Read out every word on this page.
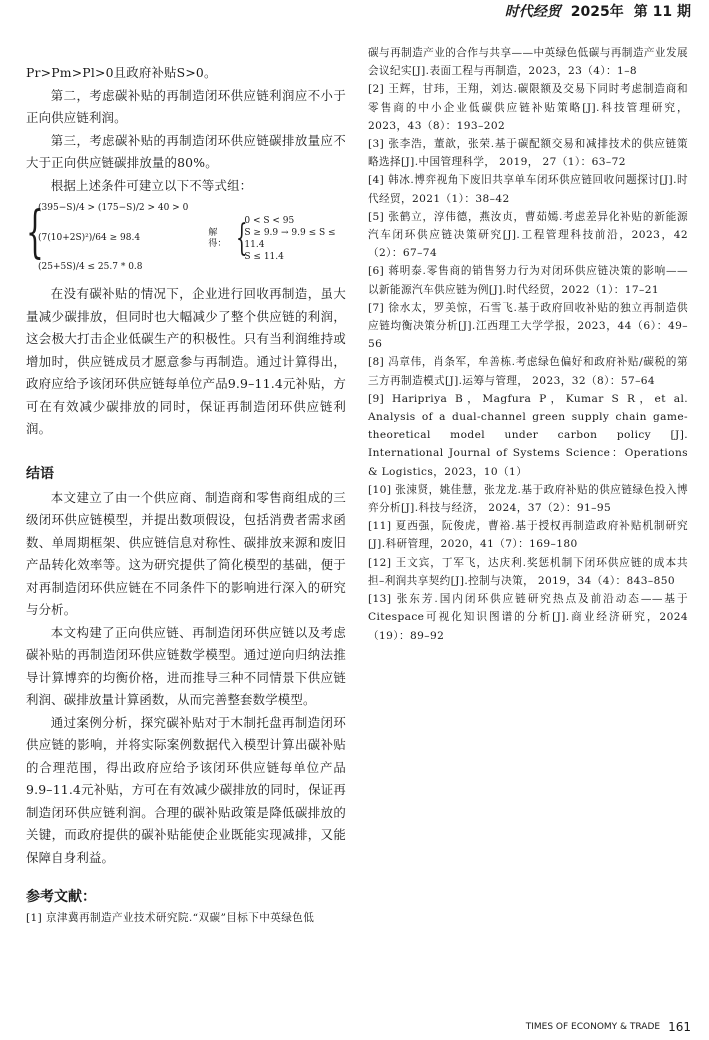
时代经贸 2025年 第 11 期

Pr>Pm>Pl>0且政府补贴S>0。

第二，考虑碳补贴的再制造闭环供应链利润应不小于正向供应链利润。

第三，考虑碳补贴的再制造闭环供应链碳排放量应不大于正向供应链碳排放量的80%。

根据上述条件可建立以下不等式组：

{
(395−S)/4 > (175−S)/2 > 40 > 0
(7(10+2S)²)/64 ≥ 98.4
(25+5S)/4 ≤ 25.7 * 0.8
解得： {
0 < S < 95
S ≥ 9.9 → 9.9 ≤ S ≤ 11.4
S ≤ 11.4

在没有碳补贴的情况下，企业进行回收再制造，虽大量减少碳排放，但同时也大幅减少了整个供应链的利润，这会极大打击企业低碳生产的积极性。只有当利润维持或增加时，供应链成员才愿意参与再制造。通过计算得出，政府应给予该闭环供应链每单位产品9.9–11.4元补贴，方可在有效减少碳排放的同时，保证再制造闭环供应链利润。

结语

本文建立了由一个供应商、制造商和零售商组成的三级闭环供应链模型，并提出数项假设，包括消费者需求函数、单周期框架、供应链信息对称性、碳排放来源和废旧产品转化效率等。这为研究提供了简化模型的基础，便于对再制造闭环供应链在不同条件下的影响进行深入的研究与分析。

本文构建了正向供应链、再制造闭环供应链以及考虑碳补贴的再制造闭环供应链数学模型。通过逆向归纳法推导计算博弈的均衡价格，进而推导三种不同情景下供应链利润、碳排放量计算函数，从而完善整套数学模型。

通过案例分析，探究碳补贴对于木制托盘再制造闭环供应链的影响，并将实际案例数据代入模型计算出碳补贴的合理范围，得出政府应给予该闭环供应链每单位产品9.9–11.4元补贴，方可在有效减少碳排放的同时，保证再制造闭环供应链利润。合理的碳补贴政策是降低碳排放的关键，而政府提供的碳补贴能使企业既能实现减排，又能保障自身利益。

参考文献：

[1] 京津冀再制造产业技术研究院.“双碳”目标下中英绿色低

碳与再制造产业的合作与共享——中英绿色低碳与再制造产业发展会议纪实[J].表面工程与再制造，2023，23（4）：1–8

[2] 王辉，甘玮，王翔，刘达.碳限额及交易下同时考虑制造商和零售商的中小企业低碳供应链补贴策略[J].科技管理研究，2023，43（8）：193–202

[3] 张李浩，董歆，张荣.基于碳配额交易和减排技术的供应链策略选择[J].中国管理科学， 2019， 27（1）：63–72

[4] 韩冰.博弈视角下废旧共享单车闭环供应链回收问题探讨[J].时代经贸，2021（1）：38–42

[5] 张鹤立，淳伟德，燕汝贞，曹茹嫣.考虑差异化补贴的新能源汽车闭环供应链决策研究[J].工程管理科技前沿，2023，42（2）：67–74

[6] 蒋明泰.零售商的销售努力行为对闭环供应链决策的影响——以新能源汽车供应链为例[J].时代经贸，2022（1）：17–21

[7] 徐水太，罗美惊，石雪飞.基于政府回收补贴的独立再制造供应链均衡决策分析[J].江西理工大学学报，2023，44（6）：49–56

[8] 冯章伟，肖条军，牟善栋.考虑绿色偏好和政府补贴/碳税的第三方再制造模式[J].运筹与管理， 2023，32（8）：57–64

[9] Haripriya B，Magfura P，Kumar S R，et al. Analysis of a dual-channel green supply chain game-theoretical model under carbon policy [J]. International Journal of Systems Science：Operations & Logistics，2023，10（1）

[10] 张涑贤，姚佳慧，张龙龙.基于政府补贴的供应链绿色投入博弈分析[J].科技与经济， 2024，37（2）：91–95

[11] 夏西强，阮俊虎，曹裕.基于授权再制造政府补贴机制研究[J].科研管理，2020，41（7）：169–180

[12] 王文宾，丁军飞，达庆利.奖惩机制下闭环供应链的成本共担–利润共享契约[J].控制与决策， 2019，34（4）：843–850

[13] 张东芳.国内闭环供应链研究热点及前沿动态——基于Citespace可视化知识图谱的分析[J].商业经济研究，2024（19）：89–92

TIMES OF ECONOMY & TRADE 161
